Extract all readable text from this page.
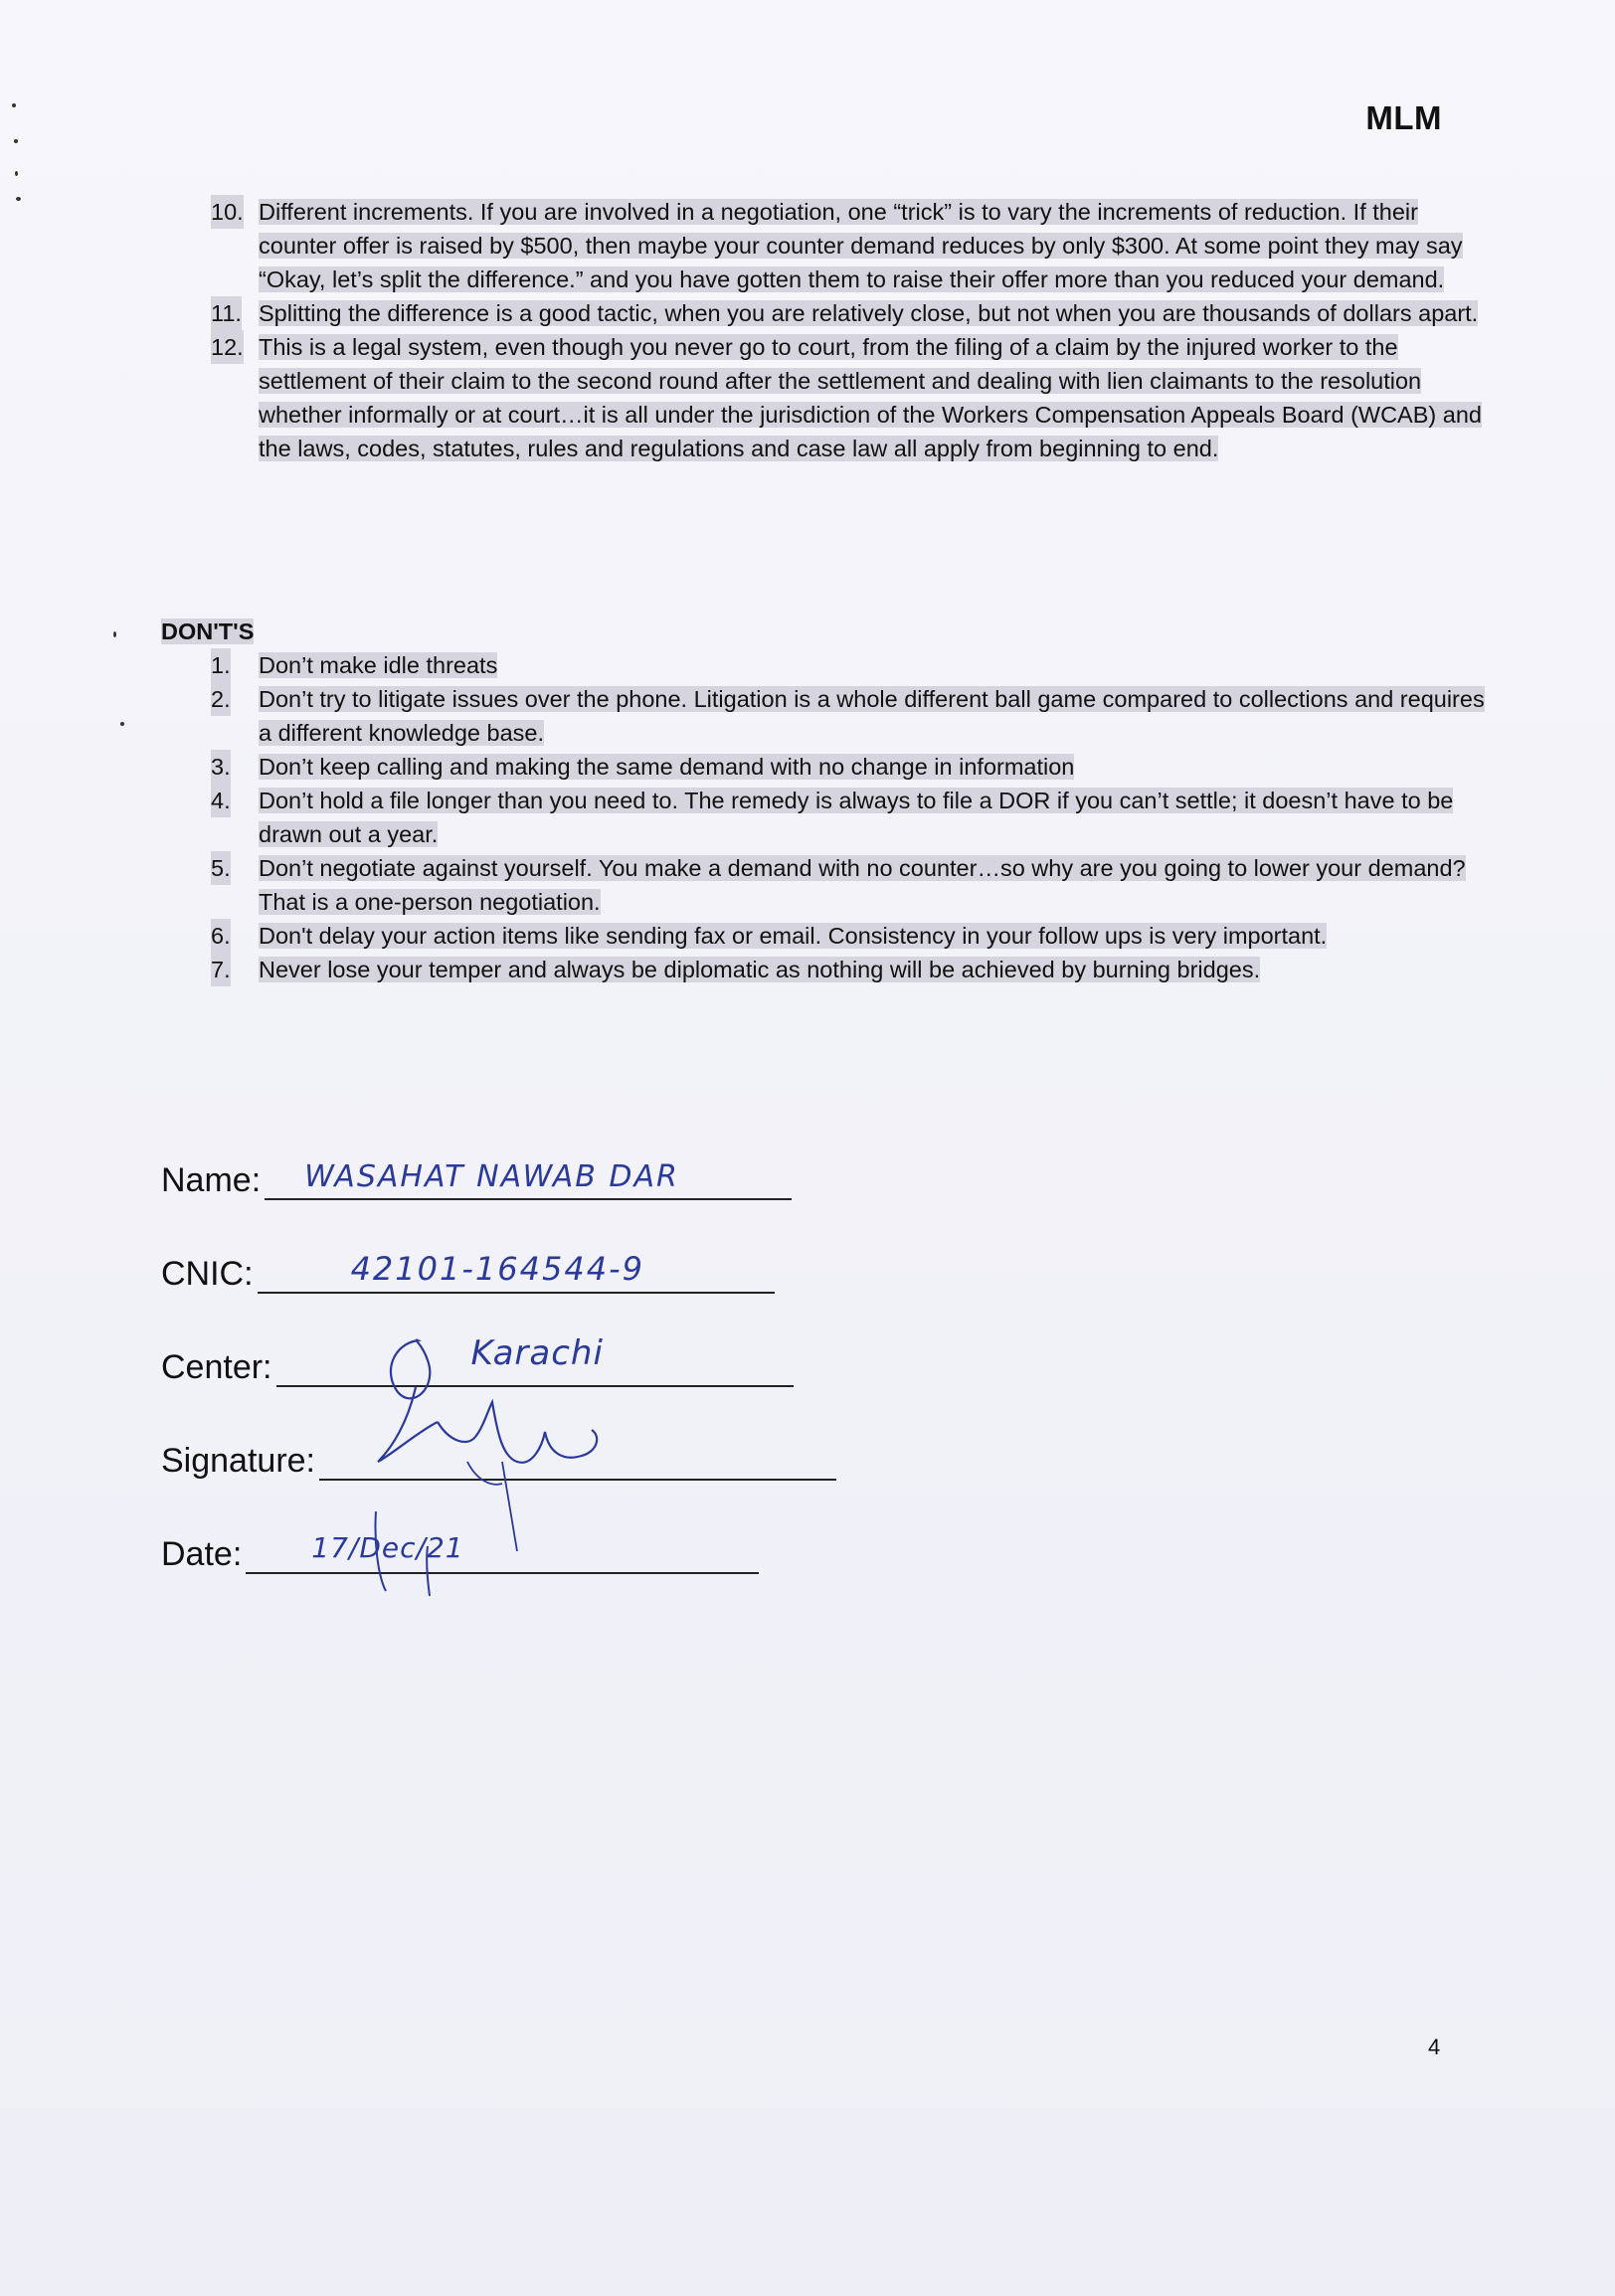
MLM
10. Different increments. If you are involved in a negotiation, one “trick” is to vary the increments of reduction. If their counter offer is raised by $500, then maybe your counter demand reduces by only $300. At some point they may say “Okay, let’s split the difference.” and you have gotten them to raise their offer more than you reduced your demand.
11. Splitting the difference is a good tactic, when you are relatively close, but not when you are thousands of dollars apart.
12. This is a legal system, even though you never go to court, from the filing of a claim by the injured worker to the settlement of their claim to the second round after the settlement and dealing with lien claimants to the resolution whether informally or at court…it is all under the jurisdiction of the Workers Compensation Appeals Board (WCAB) and the laws, codes, statutes, rules and regulations and case law all apply from beginning to end.
DON'T'S
1. Don’t make idle threats
2. Don’t try to litigate issues over the phone. Litigation is a whole different ball game compared to collections and requires a different knowledge base.
3. Don’t keep calling and making the same demand with no change in information
4. Don’t hold a file longer than you need to. The remedy is always to file a DOR if you can’t settle; it doesn’t have to be drawn out a year.
5. Don’t negotiate against yourself. You make a demand with no counter…so why are you going to lower your demand? That is a one-person negotiation.
6. Don't delay your action items like sending fax or email. Consistency in your follow ups is very important.
7. Never lose your temper and always be diplomatic as nothing will be achieved by burning bridges.
Name: WASAHAT NAWAB DAR
CNIC:	42101-164544-9
Center:	Karachi
Signature:
Date:	17/Dec/21
4
